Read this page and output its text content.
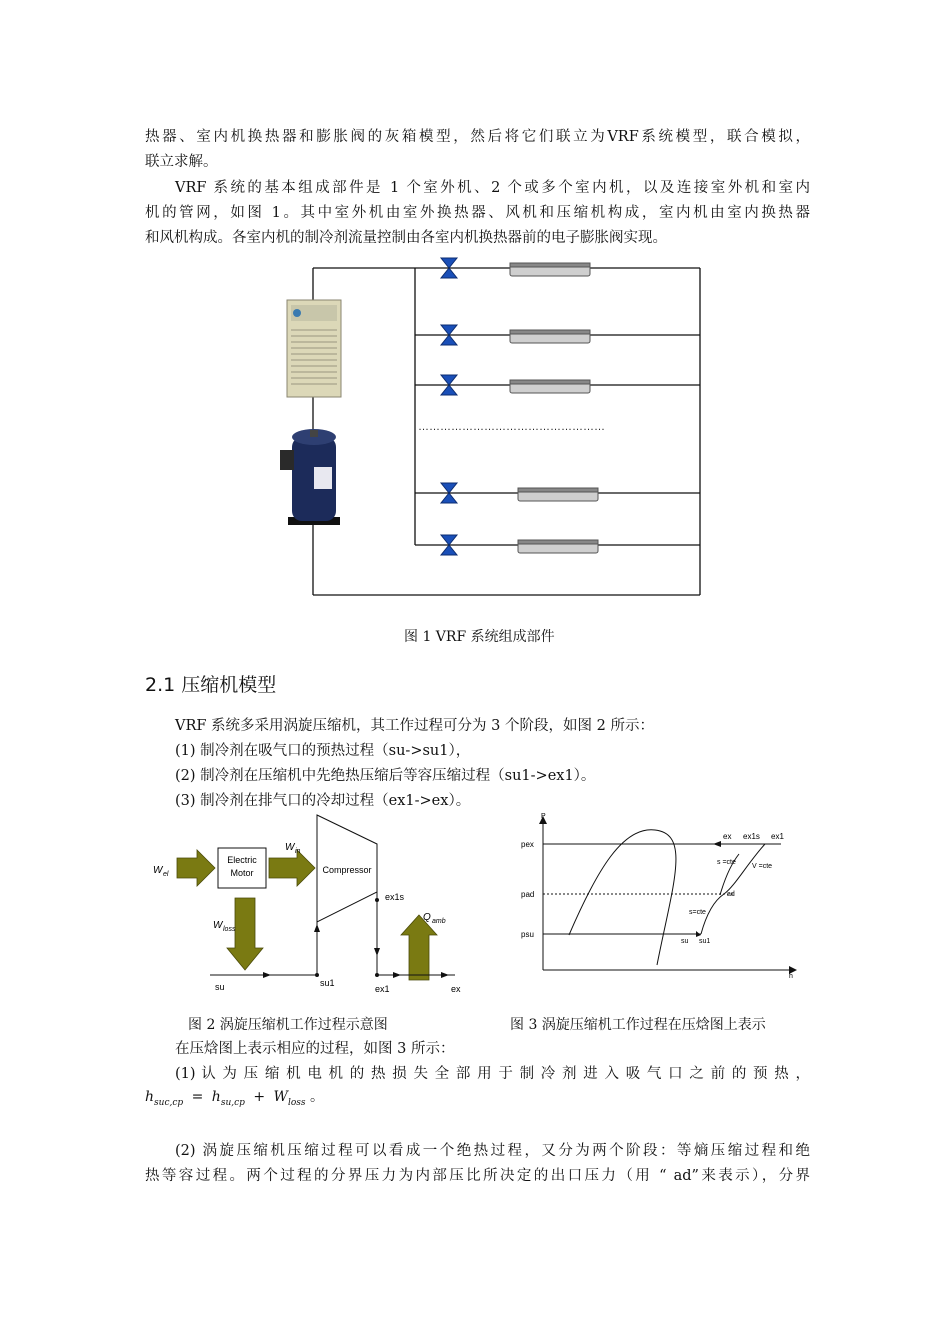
热器、室内机换热器和膨胀阀的灰箱模型，然后将它们联立为VRF系统模型，联合模拟，
联立求解。
VRF 系统的基本组成部件是 1 个室外机、2 个或多个室内机，以及连接室外机和室内
机的管网，如图 1。其中室外机由室外换热器、风机和压缩机构成，室内机由室内换热器
和风机构成。各室内机的制冷剂流量控制由各室内机换热器前的电子膨胀阀实现。
……………………………………………
图 1 VRF 系统组成部件
2.1 压缩机模型
VRF 系统多采用涡旋压缩机，其工作过程可分为 3 个阶段，如图 2 所示：
(1) 制冷剂在吸气口的预热过程（su->su1），
(2) 制冷剂在压缩机中先绝热压缩后等容压缩过程（su1->ex1）。
(3) 制冷剂在排气口的冷却过程（ex1->ex）。
Electric
Motor	Compressor
W el
W in
W loss
ex1s
Q amb
su	su1
ex1	ex
P
h
pex
pad
psu
ex ex1s ex1
s =cte
V =cte
ad
s=cte
su su1
图 2 涡旋压缩机工作过程示意图	图 3 涡旋压缩机工作过程在压焓图上表示
在压焓图上表示相应的过程，如图 3 所示：
(1) 认 为 压 缩 机 电 机 的 热 损 失 全 部 用 于 制 冷 剂 进 入 吸 气 口 之 前 的 预 热 ，
$h_{suc,cp} = h_{su,cp} + W_{loss}$ 。
(2) 涡旋压缩机压缩过程可以看成一个绝热过程，又分为两个阶段：等熵压缩过程和绝
热等容过程。两个过程的分界压力为内部压比所决定的出口压力（用 “ ad”来表示），分界
